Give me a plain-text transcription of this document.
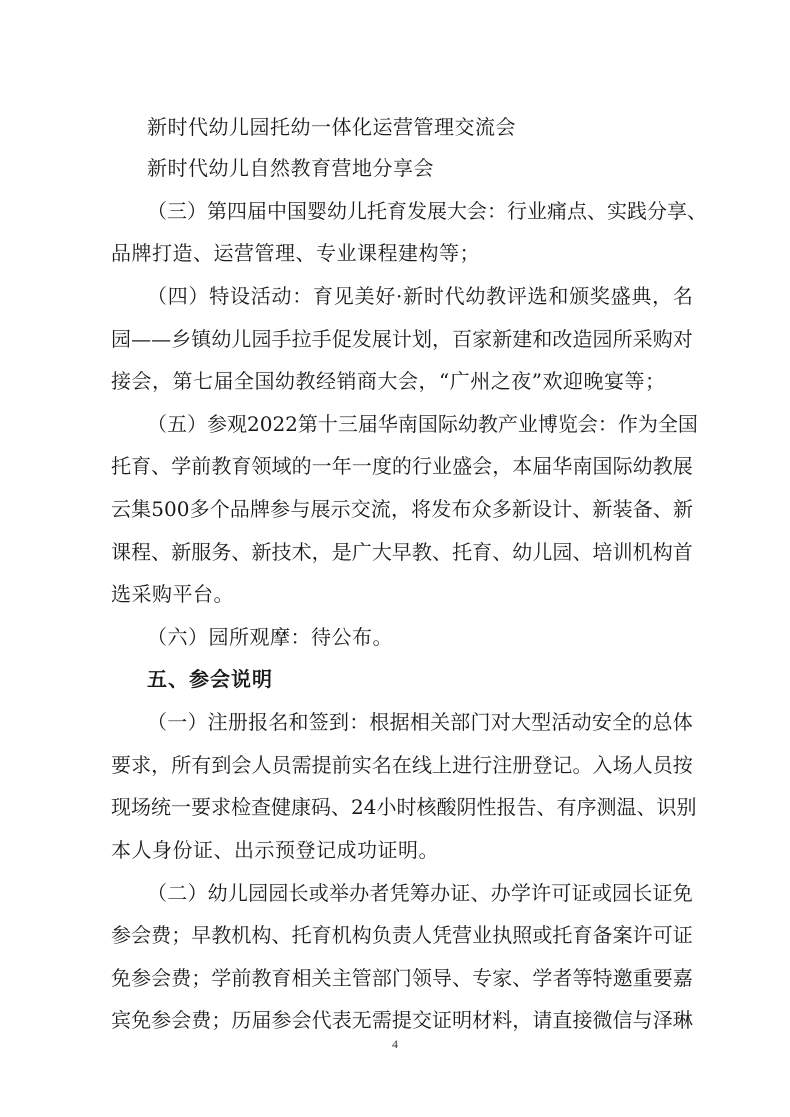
新时代幼儿园托幼一体化运营管理交流会
新时代幼儿自然教育营地分享会
（ 三 ） 第 四 届 中 国 婴 幼 儿 托 育 发 展 大 会 ： 行 业 痛 点 、 实 践 分 享 、
品牌打造、运营管理、专业课程建构等；
（ 四 ） 特 设 活 动 ： 育 见 美 好 · 新 时 代 幼 教 评 选 和 颁 奖 盛 典 ， 名
园 — — 乡 镇 幼 儿 园 手 拉 手 促 发 展 计 划 ， 百 家 新 建 和 改 造 园 所 采 购 对
接会，第七届全国幼教经销商大会，“广州之夜”欢迎晚宴等；
（ 五 ） 参 观 2022 第 十 三 届 华 南 国 际 幼 教 产 业 博 览 会 ： 作 为 全 国
托 育 、 学 前 教 育 领 域 的 一 年 一 度 的 行 业 盛 会 ， 本 届 华 南 国 际 幼 教 展
云 集 500 多 个 品 牌 参 与 展 示 交 流 ， 将 发 布 众 多 新 设 计 、 新 装 备 、 新
课 程 、 新 服 务 、 新 技 术 ， 是 广 大 早 教 、 托 育 、 幼 儿 园 、 培 训 机 构 首
选采购平台。
（六）园所观摩：待公布。
五、参会说明
（ 一 ） 注 册 报 名 和 签 到 ： 根 据 相 关 部 门 对 大 型 活 动 安 全 的 总 体
要 求 ， 所 有 到 会 人 员 需 提 前 实 名 在 线 上 进 行 注 册 登 记 。 入 场 人 员 按
现 场 统 一 要 求 检 查 健 康 码 、 24 小 时 核 酸 阴 性 报 告 、 有 序 测 温 、 识 别
本人身份证、出示预登记成功证明。
（ 二 ） 幼 儿 园 园 长 或 举 办 者 凭 筹 办 证 、 办 学 许 可 证 或 园 长 证 免
参 会 费 ； 早 教 机 构 、 托 育 机 构 负 责 人 凭 营 业 执 照 或 托 育 备 案 许 可 证
免 参 会 费 ； 学 前 教 育 相 关 主 管 部 门 领 导 、 专 家 、 学 者 等 特 邀 重 要 嘉
宾 免 参 会 费 ； 历 届 参 会 代 表 无 需 提 交 证 明 材 料 ， 请 直 接 微 信 与 泽 琳
4
